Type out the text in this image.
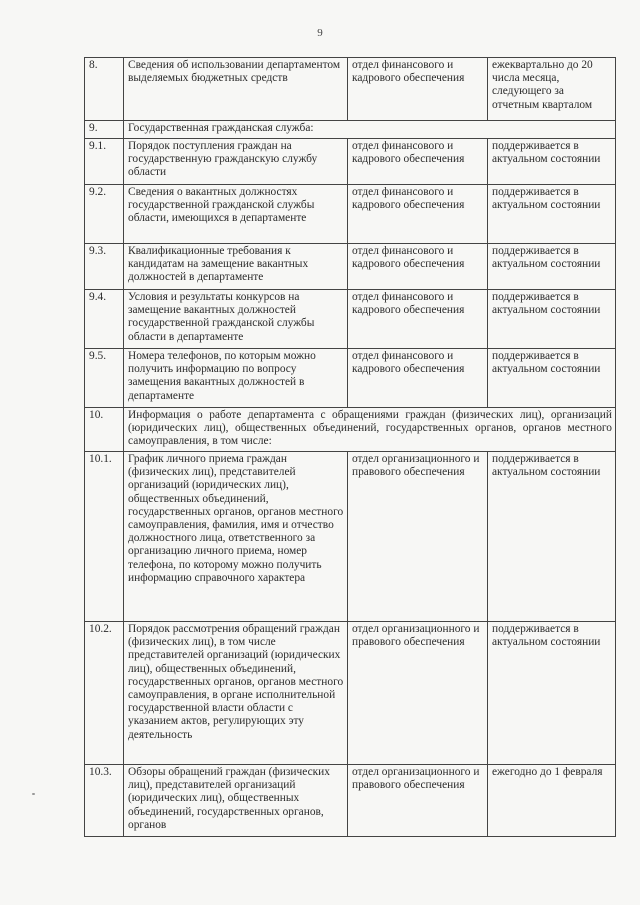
9
8.	Сведения об использовании департаментом выделяемых бюджетных средств	отдел финансового и кадрового обеспечения	ежеквартально до 20 числа месяца, следующего за отчетным кварталом
9.	Государственная гражданская служба:		
9.1.	Порядок поступления граждан на государственную гражданскую службу области	отдел финансового и кадрового обеспечения	поддерживается в актуальном состоянии
9.2.	Сведения о вакантных должностях государственной гражданской службы области, имеющихся в департаменте	отдел финансового и кадрового обеспечения	поддерживается в актуальном состоянии
9.3.	Квалификационные требования к кандидатам на замещение вакантных должностей в департаменте	отдел финансового и кадрового обеспечения	поддерживается в актуальном состоянии
9.4.	Условия и результаты конкурсов на замещение вакантных должностей государственной гражданской службы области в департаменте	отдел финансового и кадрового обеспечения	поддерживается в актуальном состоянии
9.5.	Номера телефонов, по которым можно получить информацию по вопросу замещения вакантных должностей в департаменте	отдел финансового и кадрового обеспечения	поддерживается в актуальном состоянии
10.	Информация о работе департамента с обращениями граждан (физических лиц), организаций (юридических лиц), общественных объединений, государственных органов, органов местного самоуправления, в том числе:		
10.1.	График личного приема граждан (физических лиц), представителей организаций (юридических лиц), общественных объединений, государственных органов, органов местного самоуправления, фамилия, имя и отчество должностного лица, ответственного за организацию личного приема, номер телефона, по которому можно получить информацию справочного характера	отдел организационного и правового обеспечения	поддерживается в актуальном состоянии
10.2.	Порядок рассмотрения обращений граждан (физических лиц), в том числе представителей организаций (юридических лиц), общественных объединений, государственных органов, органов местного самоуправления, в органе исполнительной государственной власти области с указанием актов, регулирующих эту деятельность	отдел организационного и правового обеспечения	поддерживается в актуальном состоянии
10.3.	Обзоры обращений граждан (физических лиц), представителей организаций (юридических лиц), общественных объединений, государственных органов, органов	отдел организационного и правового обеспечения	ежегодно до 1 февраля
